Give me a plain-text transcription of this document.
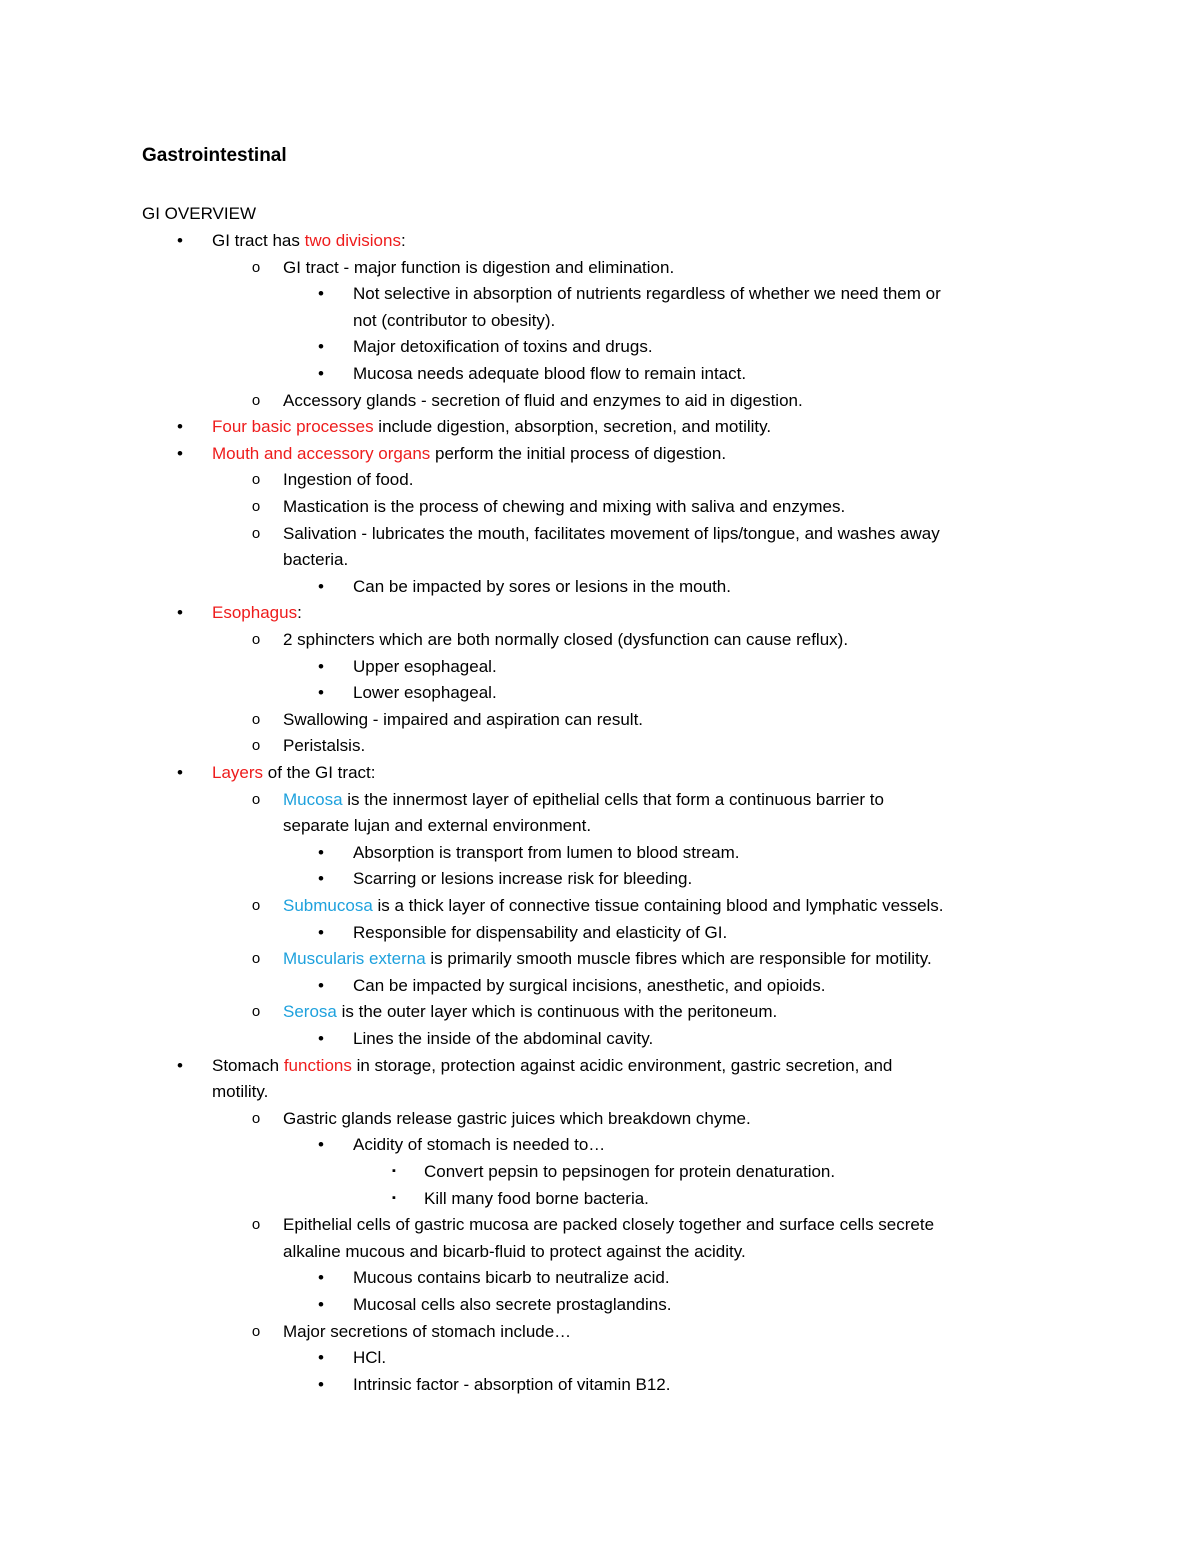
Gastrointestinal
GI OVERVIEW
• GI tract has two divisions:
o GI tract - major function is digestion and elimination.
• Not selective in absorption of nutrients regardless of whether we need them or
not (contributor to obesity).
• Major detoxification of toxins and drugs.
• Mucosa needs adequate blood flow to remain intact.
o Accessory glands - secretion of fluid and enzymes to aid in digestion.
• Four basic processes include digestion, absorption, secretion, and motility.
• Mouth and accessory organs perform the initial process of digestion.
o Ingestion of food.
o Mastication is the process of chewing and mixing with saliva and enzymes.
o Salivation - lubricates the mouth, facilitates movement of lips/tongue, and washes away
bacteria.
• Can be impacted by sores or lesions in the mouth.
• Esophagus:
o 2 sphincters which are both normally closed (dysfunction can cause reflux).
• Upper esophageal.
• Lower esophageal.
o Swallowing - impaired and aspiration can result.
o Peristalsis.
• Layers of the GI tract:
o Mucosa is the innermost layer of epithelial cells that form a continuous barrier to
separate lujan and external environment.
• Absorption is transport from lumen to blood stream.
• Scarring or lesions increase risk for bleeding.
o Submucosa is a thick layer of connective tissue containing blood and lymphatic vessels.
• Responsible for dispensability and elasticity of GI.
o Muscularis externa is primarily smooth muscle fibres which are responsible for motility.
• Can be impacted by surgical incisions, anesthetic, and opioids.
o Serosa is the outer layer which is continuous with the peritoneum.
• Lines the inside of the abdominal cavity.
• Stomach functions in storage, protection against acidic environment, gastric secretion, and
motility.
o Gastric glands release gastric juices which breakdown chyme.
• Acidity of stomach is needed to…
▪	Convert pepsin to pepsinogen for protein denaturation.
▪	Kill many food borne bacteria.
o Epithelial cells of gastric mucosa are packed closely together and surface cells secrete
alkaline mucous and bicarb-fluid to protect against the acidity.
• Mucous contains bicarb to neutralize acid.
• Mucosal cells also secrete prostaglandins.
o Major secretions of stomach include…
• HCl.
• Intrinsic factor - absorption of vitamin B12.
